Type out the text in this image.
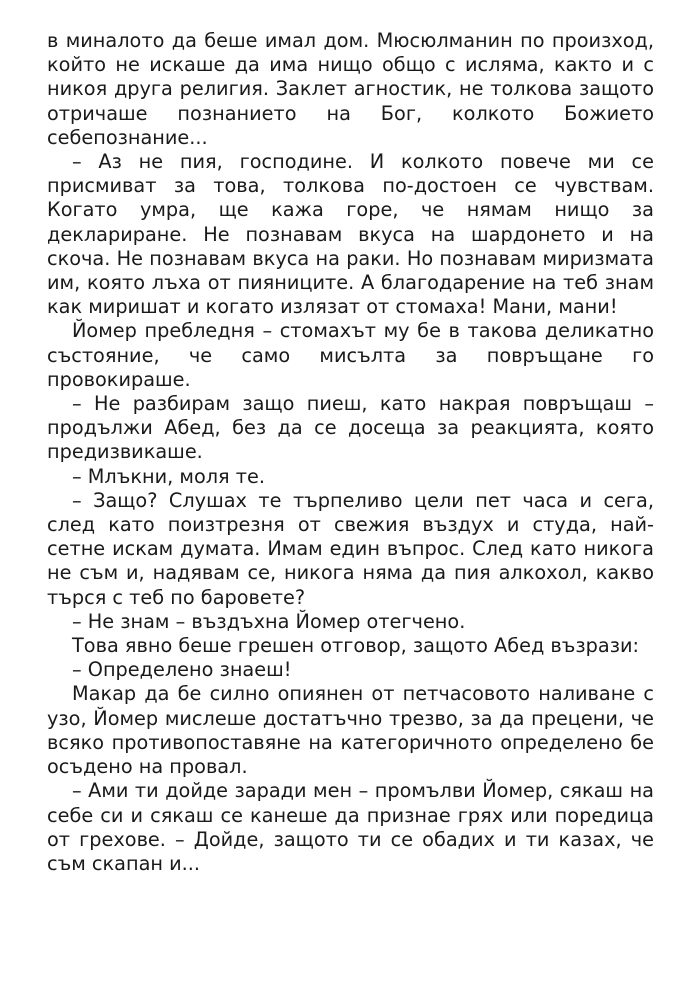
в миналото да беше имал дом. Мюсюлманин по произход, който не искаше да има нищо общо с исляма, както и с никоя друга религия. Заклет агностик, не толкова защото отричаше познанието на Бог, колкото Божието себепознание...

– Аз не пия, господине. И колкото повече ми се присмиват за това, толкова по-достоен се чувствам. Когато умра, ще кажа горе, че нямам нищо за деклариране. Не познавам вкуса на шардонето и на скоча. Не познавам вкуса на раки. Но познавам миризмата им, която лъха от пияниците. А благодарение на теб знам как миришат и когато излязат от стомаха! Мани, мани!

Йомер пребледня – стомахът му бе в такова деликатно състояние, че само мисълта за повръщане го провокираше.

– Не разбирам защо пиеш, като накрая повръщаш – продължи Абед, без да се досеща за реакцията, която предизвикаше.

– Млъкни, моля те.

– Защо? Слушах те търпеливо цели пет часа и сега, след като поизтрезня от свежия въздух и студа, най-сетне искам думата. Имам един въпрос. След като никога не съм и, надявам се, никога няма да пия алкохол, какво търся с теб по баровете?

– Не знам – въздъхна Йомер отегчено.

Това явно беше грешен отговор, защото Абед възрази:

– Определено знаеш!

Макар да бе силно опиянен от петчасовото наливане с узо, Йомер мислеше достатъчно трезво, за да прецени, че всяко противопоставяне на категоричното определено бе осъдено на провал.

– Ами ти дойде заради мен – промълви Йомер, сякаш на себе си и сякаш се канеше да признае грях или поредица от грехове. – Дойде, защото ти се обадих и ти казах, че съм скапан и...
